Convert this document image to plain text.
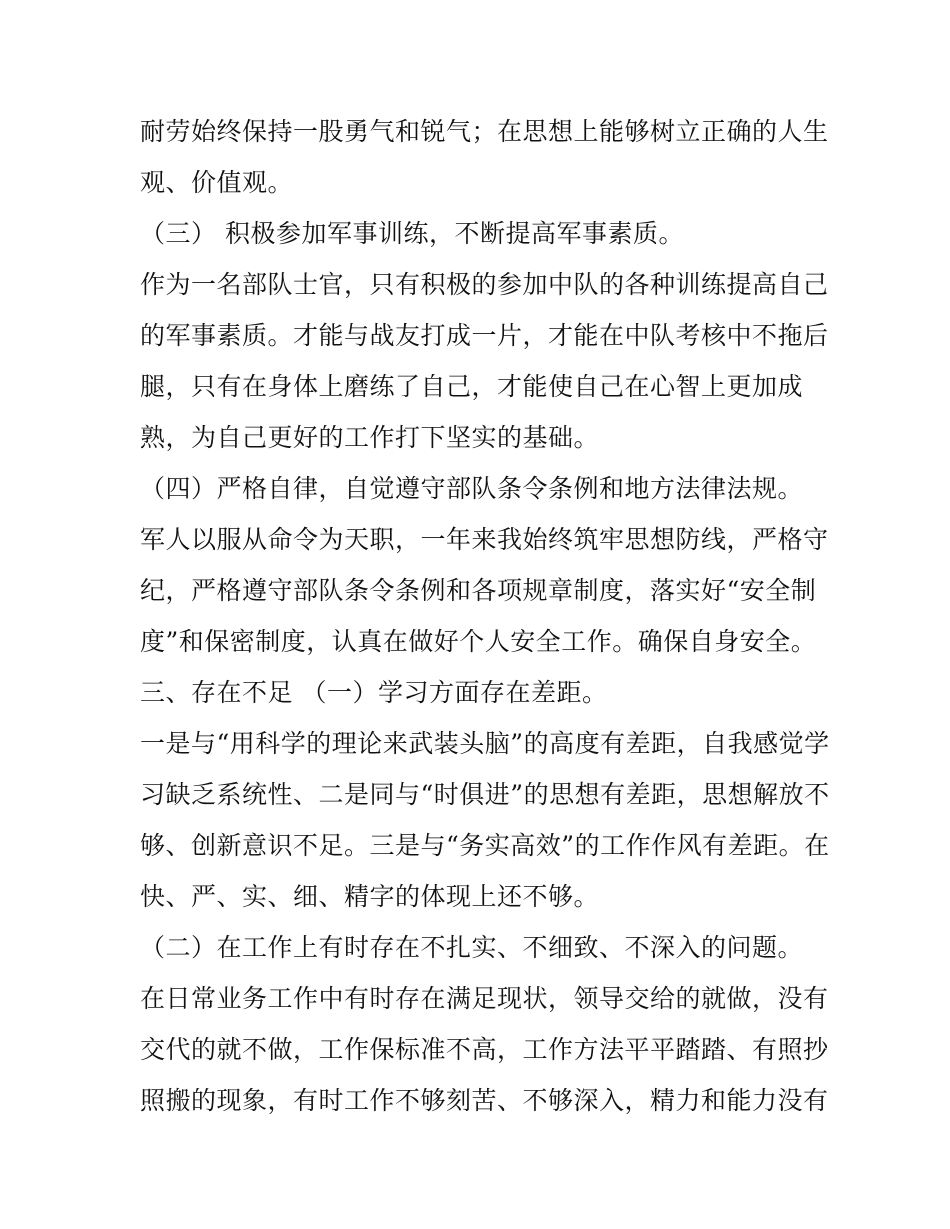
耐劳始终保持一股勇气和锐气；在思想上能够树立正确的人生
观、价值观。
（三） 积极参加军事训练，不断提高军事素质。
作为一名部队士官，只有积极的参加中队的各种训练提高自己
的军事素质。才能与战友打成一片，才能在中队考核中不拖后
腿，只有在身体上磨练了自己，才能使自己在心智上更加成
熟，为自己更好的工作打下坚实的基础。
（四）严格自律，自觉遵守部队条令条例和地方法律法规。
军人以服从命令为天职，一年来我始终筑牢思想防线，严格守
纪，严格遵守部队条令条例和各项规章制度，落实好“安全制
度”和保密制度，认真在做好个人安全工作。确保自身安全。
三、存在不足 （一）学习方面存在差距。
一是与“用科学的理论来武装头脑”的高度有差距，自我感觉学
习缺乏系统性、二是同与“时俱进”的思想有差距，思想解放不
够、创新意识不足。三是与“务实高效”的工作作风有差距。在
快、严、实、细、精字的体现上还不够。
（二）在工作上有时存在不扎实、不细致、不深入的问题。
在日常业务工作中有时存在满足现状，领导交给的就做，没有
交代的就不做，工作保标准不高，工作方法平平踏踏、有照抄
照搬的现象，有时工作不够刻苦、不够深入，精力和能力没有
